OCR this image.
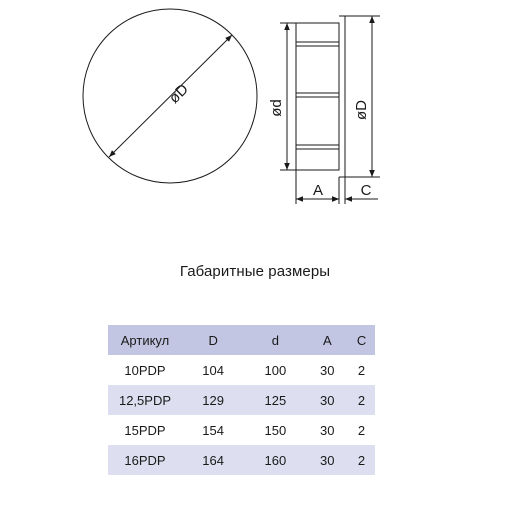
øD
ød	øD
A	C
Габаритные размеры
Артикул	D	d	A	C
10PDP	104	100	30	2
12,5PDP	129	125	30	2
15PDP	154	150	30	2
16PDP	164	160	30	2
